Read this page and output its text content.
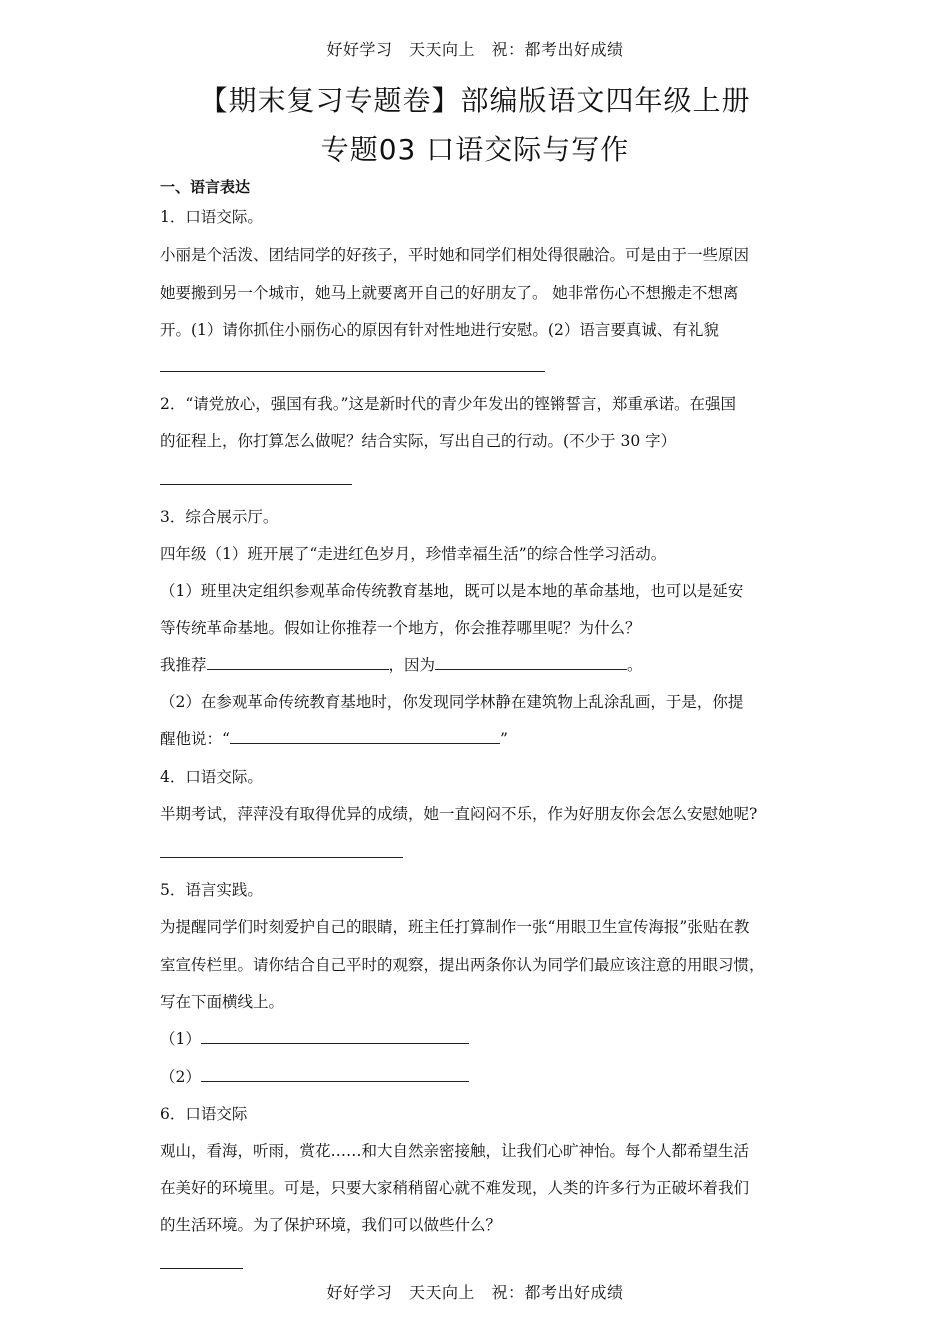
好好学习　天天向上　祝：都考出好成绩
【期末复习专题卷】部编版语文四年级上册
专题03 口语交际与写作
一、语言表达
1．口语交际。
小丽是个活泼、团结同学的好孩子，平时她和同学们相处得很融洽。可是由于一些原因
她要搬到另一个城市，她马上就要离开自己的好朋友了。 她非常伤心不想搬走不想离
开。(1）请你抓住小丽伤心的原因有针对性地进行安慰。(2）语言要真诚、有礼貌
2．“请党放心，强国有我。”这是新时代的青少年发出的铿锵誓言，郑重承诺。在强国
的征程上，你打算怎么做呢？结合实际，写出自己的行动。(不少于 30 字）
3．综合展示厅。
四年级（1）班开展了“走进红色岁月，珍惜幸福生活”的综合性学习活动。
（1）班里决定组织参观革命传统教育基地，既可以是本地的革命基地，也可以是延安
等传统革命基地。假如让你推荐一个地方，你会推荐哪里呢？为什么？
我推荐	，因为	。
（2）在参观革命传统教育基地时，你发现同学林静在建筑物上乱涂乱画，于是，你提
醒他说：“	”
4．口语交际。
半期考试，萍萍没有取得优异的成绩，她一直闷闷不乐，作为好朋友你会怎么安慰她呢?
5．语言实践。
为提醒同学们时刻爱护自己的眼睛，班主任打算制作一张“用眼卫生宣传海报”张贴在教
室宣传栏里。请你结合自己平时的观察，提出两条你认为同学们最应该注意的用眼习惯，
写在下面横线上。
（1）
（2）
6．口语交际
观山，看海，听雨，赏花……和大自然亲密接触，让我们心旷神怡。每个人都希望生活
在美好的环境里。可是，只要大家稍稍留心就不难发现，人类的许多行为正破坏着我们
的生活环境。为了保护环境，我们可以做些什么？
好好学习　天天向上　祝：都考出好成绩
